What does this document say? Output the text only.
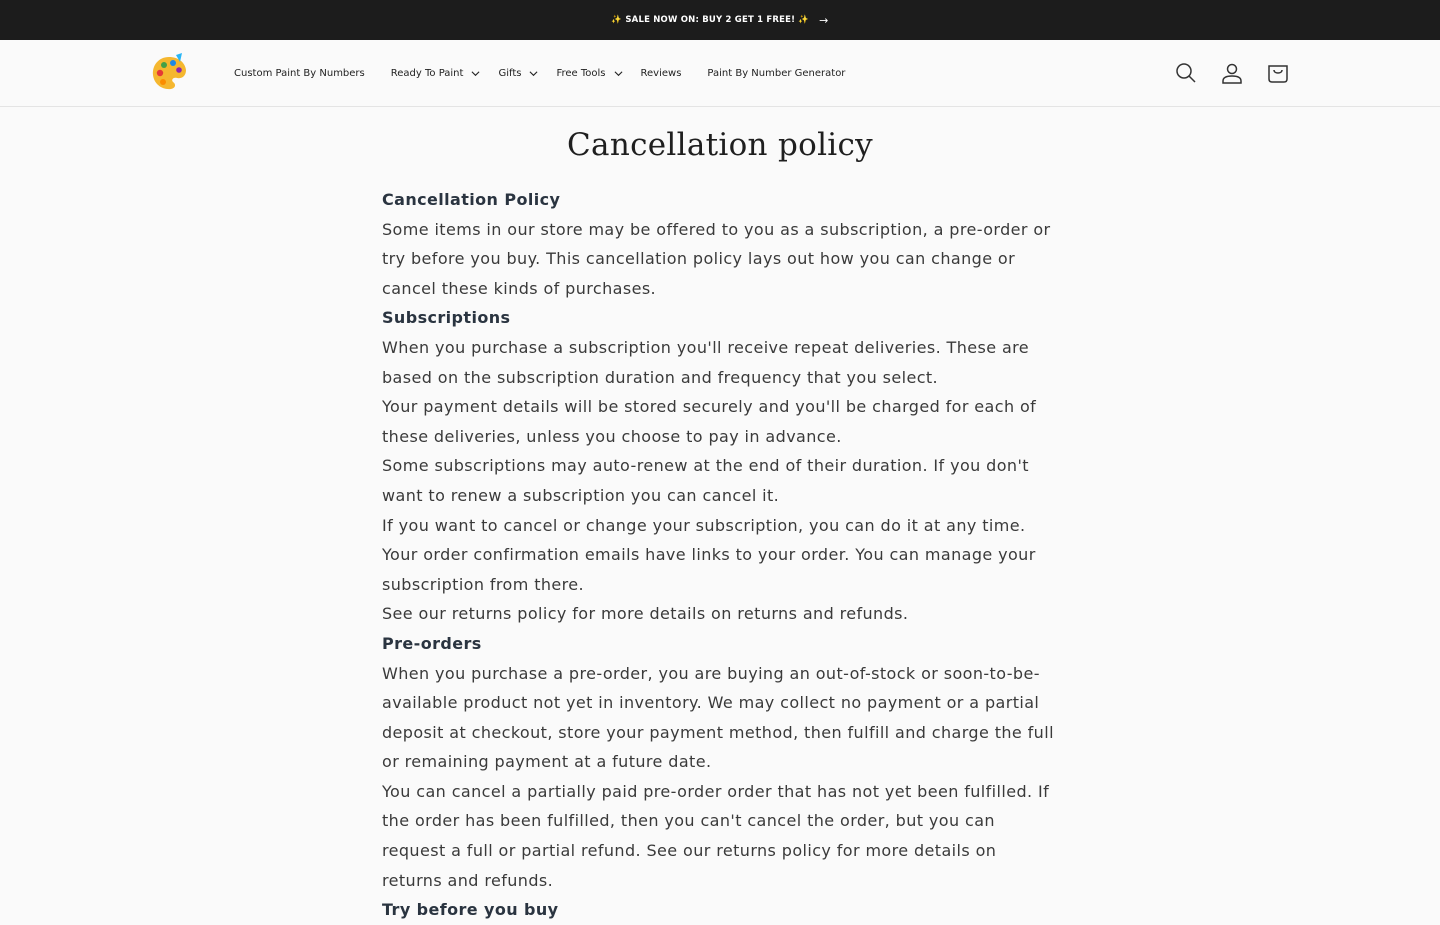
✨ SALE NOW ON: BUY 2 GET 1 FREE! ✨ →
Custom Paint By Numbers	Ready To Paint	Gifts	Free Tools	Reviews	Paint By Number Generator
Cancellation policy

Cancellation Policy

Some items in our store may be offered to you as a subscription, a pre-order or try before you buy. This cancellation policy lays out how you can change or cancel these kinds of purchases.

Subscriptions

When you purchase a subscription you'll receive repeat deliveries. These are based on the subscription duration and frequency that you select.

Your payment details will be stored securely and you'll be charged for each of these deliveries, unless you choose to pay in advance.

Some subscriptions may auto-renew at the end of their duration. If you don't want to renew a subscription you can cancel it.

If you want to cancel or change your subscription, you can do it at any time. Your order confirmation emails have links to your order. You can manage your subscription from there.

See our returns policy for more details on returns and refunds.

Pre-orders

When you purchase a pre-order, you are buying an out-of-stock or soon-to-be-available product not yet in inventory. We may collect no payment or a partial deposit at checkout, store your payment method, then fulfill and charge the full or remaining payment at a future date.

You can cancel a partially paid pre-order order that has not yet been fulfilled. If the order has been fulfilled, then you can't cancel the order, but you can request a full or partial refund. See our returns policy for more details on returns and refunds.

Try before you buy
